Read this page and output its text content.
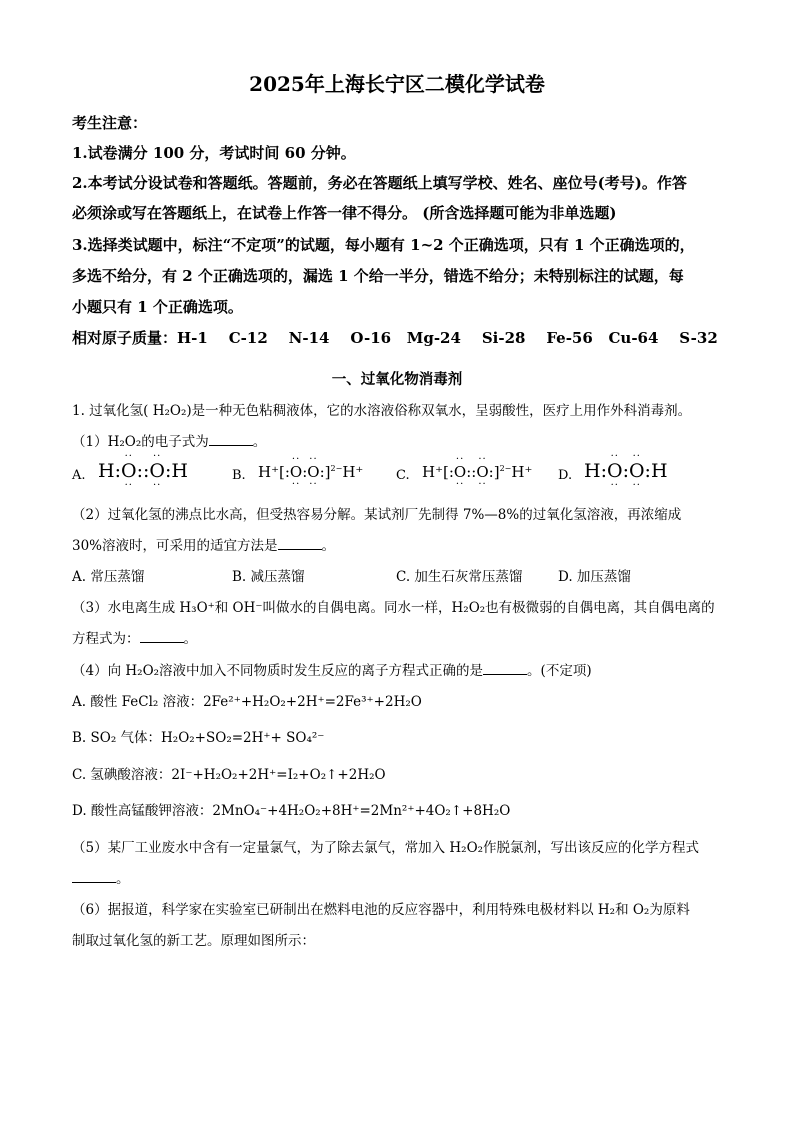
2025年上海长宁区二模化学试卷
考生注意：
1.试卷满分 100 分，考试时间 60 分钟。
2.本考试分设试卷和答题纸。答题前，务必在答题纸上填写学校、姓名、座位号(考号)。作答
必须涂或写在答题纸上，在试卷上作答一律不得分。 (所含选择题可能为非单选题)
3.选择类试题中，标注“不定项”的试题，每小题有 1~2 个正确选项，只有 1 个正确选项的，
多选不给分，有 2 个正确选项的，漏选 1 个给一半分，错选不给分；未特别标注的试题，每
小题只有 1 个正确选项。
相对原子质量：H-1    C-12    N-14    O-16   Mg-24    Si-28    Fe-56   Cu-64    S-32
一、过氧化物消毒剂
1. 过氧化氢( H₂O₂)是一种无色粘稠液体，它的水溶液俗称双氧水，呈弱酸性，医疗上用作外科消毒剂。
（1）H₂O₂的电子式为	。
A. H:
··
O
··
::
··
O
··
:H	B. H⁺[:
··
O
··
:
··
O
··
:]$^{2-}$H⁺	C. H⁺[:
··
O
··
::
··
O
··
:]$^{2-}$H⁺ D. H:
··
O
··
:
··
O
··
:H
（2）过氧化氢的沸点比水高，但受热容易分解。某试剂厂先制得 7%—8%的过氧化氢溶液，再浓缩成
30%溶液时，可采用的适宜方法是	。
A. 常压蒸馏	B. 减压蒸馏	C. 加生石灰常压蒸馏	D. 加压蒸馏
（3）水电离生成 H₃O⁺和 OH⁻叫做水的自偶电离。同水一样，H₂O₂也有极微弱的自偶电离，其自偶电离的
方程式为：	。
（4）向 H₂O₂溶液中加入不同物质时发生反应的离子方程式正确的是	。(不定项)
A. 酸性 FeCl₂ 溶液：2Fe²⁺+H₂O₂+2H⁺=2Fe³⁺+2H₂O
B. SO₂ 气体：H₂O₂+SO₂=2H⁺+ SO₄²⁻
C. 氢碘酸溶液：2I⁻+H₂O₂+2H⁺=I₂+O₂↑+2H₂O
D. 酸性高锰酸钾溶液：2MnO₄⁻+4H₂O₂+8H⁺=2Mn²⁺+4O₂↑+8H₂O
（5）某厂工业废水中含有一定量氯气，为了除去氯气，常加入 H₂O₂作脱氯剂，写出该反应的化学方程式
。
（6）据报道，科学家在实验室已研制出在燃料电池的反应容器中，利用特殊电极材料以 H₂和 O₂为原料
制取过氧化氢的新工艺。原理如图所示：
